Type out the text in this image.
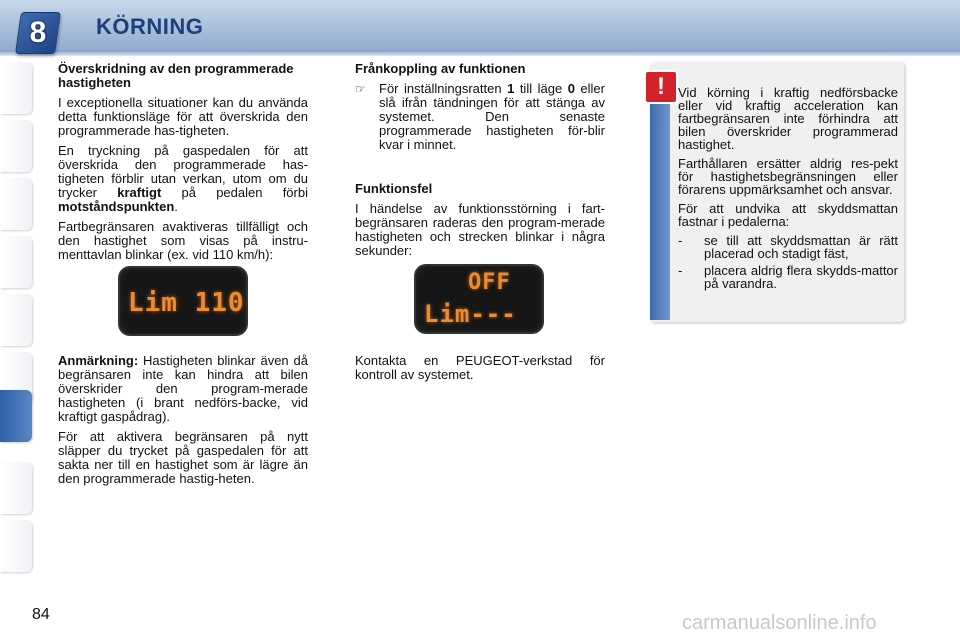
8	KÖRNING

Överskridning av den programmerade hastigheten

I exceptionella situationer kan du använda detta funktionsläge för att överskrida den programmerade has-tigheten.

En tryckning på gaspedalen för att överskrida den programmerade has-tigheten förblir utan verkan, utom om du trycker kraftigt på pedalen förbi motståndspunkten.

Fartbegränsaren avaktiveras tillfälligt och den hastighet som visas på instru-menttavlan blinkar (ex. vid 110 km/h):

Lim 110

Anmärkning: Hastigheten blinkar även då begränsaren inte kan hindra att bilen överskrider den program-merade hastigheten (i brant nedförs-backe, vid kraftigt gaspådrag).

För att aktivera begränsaren på nytt släpper du trycket på gaspedalen för att sakta ner till en hastighet som är lägre än den programmerade hastig-heten.

Frånkoppling av funktionen

☞	För inställningsratten 1 till läge 0 eller slå ifrån tändningen för att stänga av systemet. Den senaste programmerade hastigheten för-blir kvar i minnet.

Funktionsfel

I händelse av funktionsstörning i fart-begränsaren raderas den program-merade hastigheten och strecken blinkar i några sekunder:

OFF
Lim---

Kontakta en PEUGEOT-verkstad för kontroll av systemet.

!	Vid körning i kraftig nedförsbacke eller vid kraftig acceleration kan fartbegränsaren inte förhindra att bilen överskrider programmerad hastighet.

Farthållaren ersätter aldrig res-pekt för hastighetsbegränsningen eller förarens uppmärksamhet och ansvar.

För att undvika att skyddsmattan fastnar i pedalerna:

-	se till att skyddsmattan är rätt placerad och stadigt fäst,
-	placera aldrig flera skydds-mattor på varandra.
84	carmanualsonline.info
